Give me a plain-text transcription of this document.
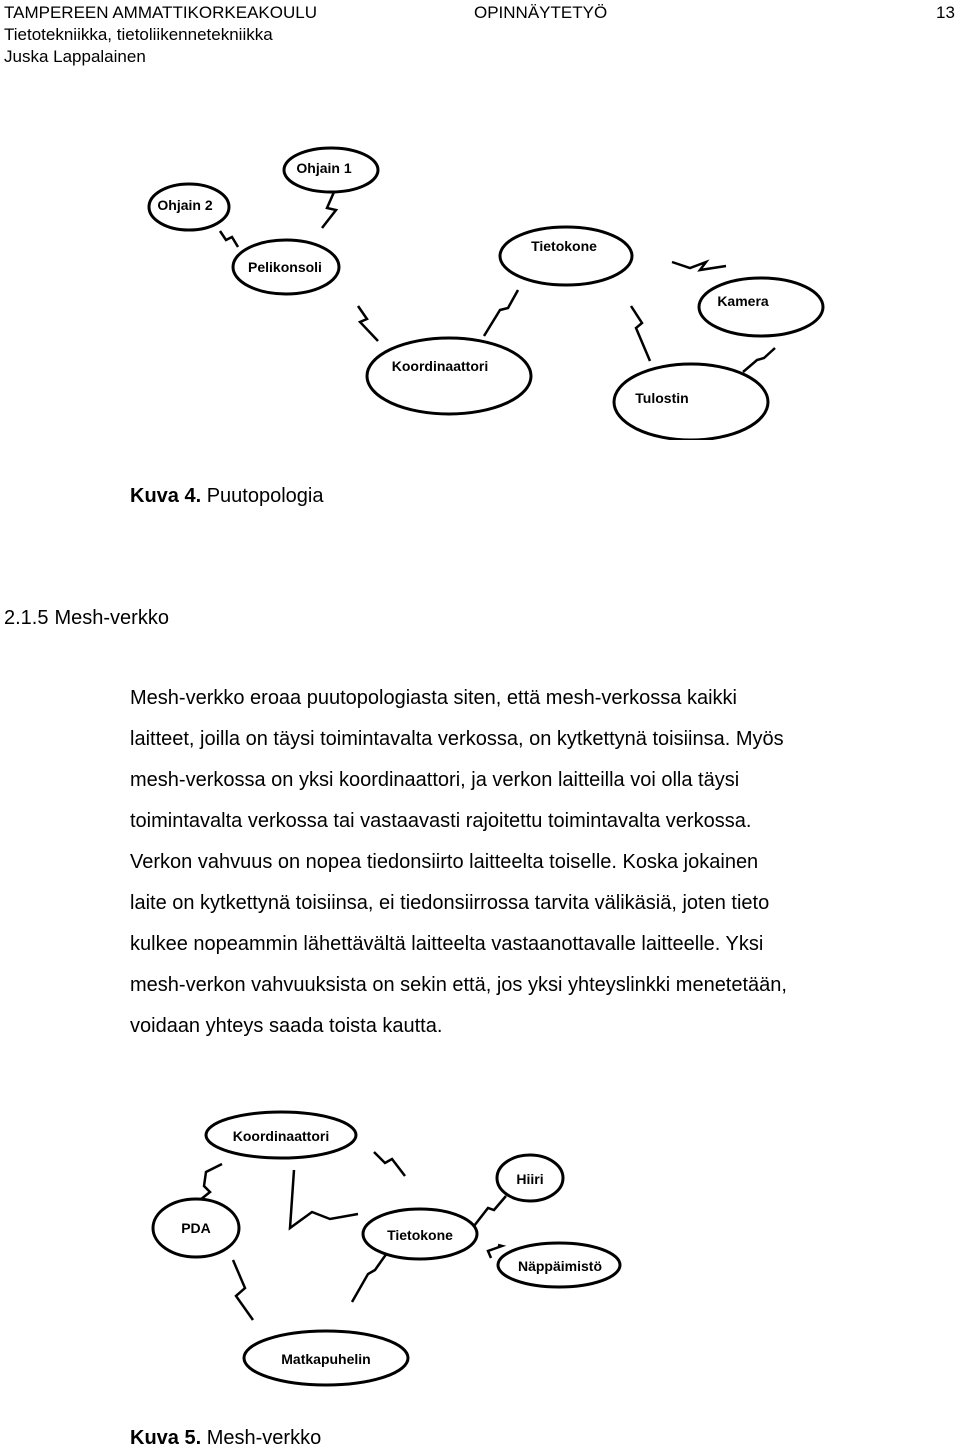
TAMPEREEN AMMATTIKORKEAKOULU	OPINNÄYTETYÖ	13
Tietotekniikka, tietoliikennetekniikka
Juska Lappalainen
Ohjain 1
Ohjain 2
Pelikonsoli
Tietokone
Kamera
Koordinaattori
Tulostin
Kuva 4. Puutopologia
2.1.5 Mesh-verkko
Mesh-verkko eroaa puutopologiasta siten, että mesh-verkossa kaikki
laitteet, joilla on täysi toimintavalta verkossa, on kytkettynä toisiinsa. Myös
mesh-verkossa on yksi koordinaattori, ja verkon laitteilla voi olla täysi
toimintavalta verkossa tai vastaavasti rajoitettu toimintavalta verkossa.
Verkon vahvuus on nopea tiedonsiirto laitteelta toiselle. Koska jokainen
laite on kytkettynä toisiinsa, ei tiedonsiirrossa tarvita välikäsiä, joten tieto
kulkee nopeammin lähettävältä laitteelta vastaanottavalle laitteelle. Yksi
mesh-verkon vahvuuksista on sekin että, jos yksi yhteyslinkki menetetään,
voidaan yhteys saada toista kautta.
Koordinaattori
Hiiri
PDA	Tietokone
Näppäimistö
Matkapuhelin
Kuva 5. Mesh-verkko
